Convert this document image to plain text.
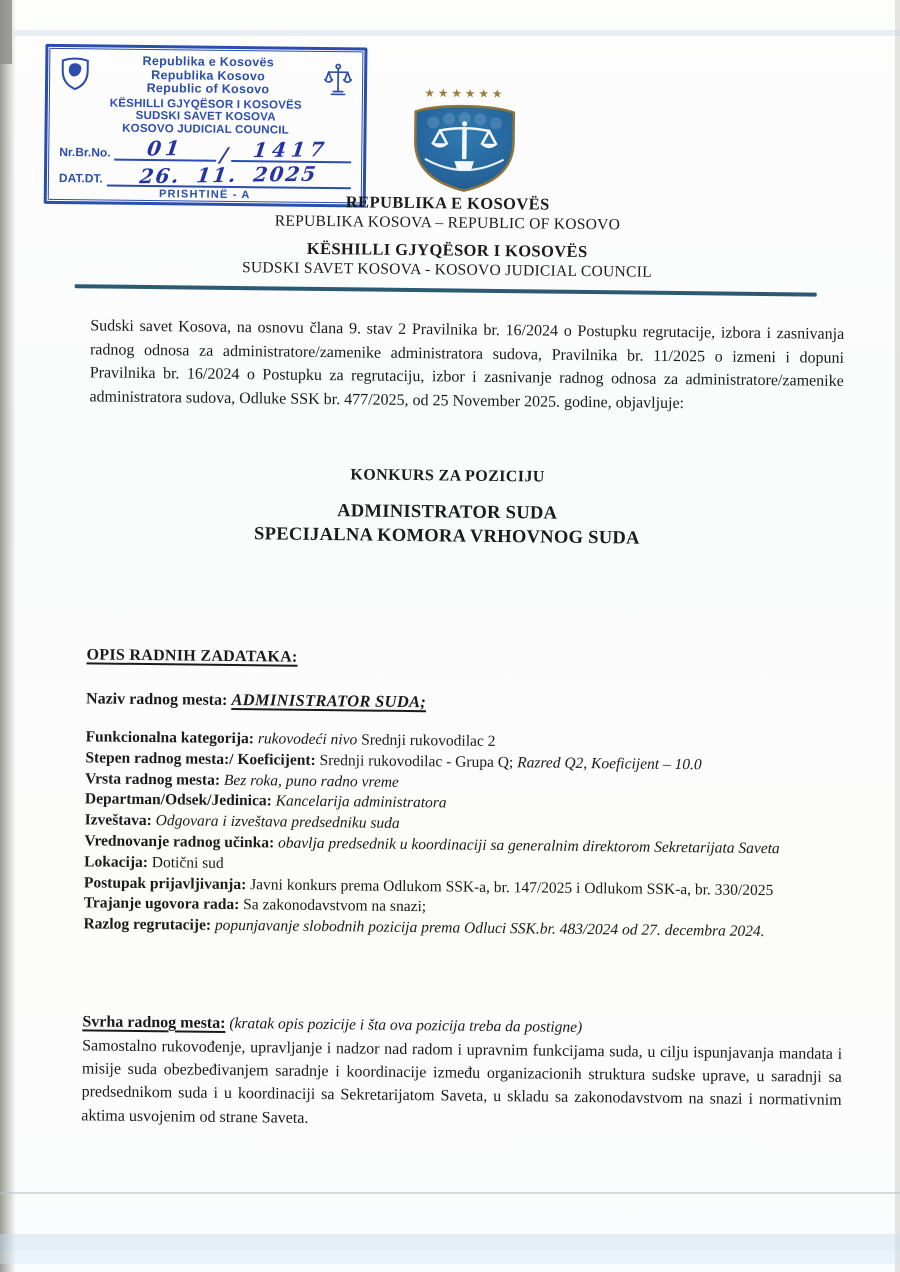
Republika e Kosovës
Republika Kosovo
Republic of Kosovo
KËSHILLI GJYQËSOR I KOSOVËS
SUDSKI SAVET KOSOVA
KOSOVO JUDICIAL COUNCIL
Nr.Br.No.	01	/	1417
DAT.DT.	26. 11. 2025
PRISHTINË - A
★★★★★★
REPUBLIKA E KOSOVËS
REPUBLIKA KOSOVA – REPUBLIC OF KOSOVO
KËSHILLI GJYQËSOR I KOSOVËS
SUDSKI SAVET KOSOVA - KOSOVO JUDICIAL COUNCIL

Sudski savet Kosova, na osnovu člana 9. stav 2 Pravilnika br. 16/2024 o Postupku regrutacije, izbora i zasnivanja radnog odnosa za administratore/zamenike administratora sudova, Pravilnika br. 11/2025 o izmeni i dopuni Pravilnika br. 16/2024 o Postupku za regrutaciju, izbor i zasnivanje radnog odnosa za administratore/zamenike administratora sudova, Odluke SSK br. 477/2025, od 25 November 2025. godine, objavljuje:

KONKURS ZA POZICIJU
ADMINISTRATOR SUDA
SPECIJALNA KOMORA VRHOVNOG SUDA
OPIS RADNIH ZADATAKA:
Naziv radnog mesta: ADMINISTRATOR SUDA;

Funkcionalna kategorija: rukovodeći nivo Srednji rukovodilac 2

Stepen radnog mesta:/ Koeficijent: Srednji rukovodilac - Grupa Q; Razred Q2, Koeficijent – 10.0

Vrsta radnog mesta: Bez roka, puno radno vreme

Departman/Odsek/Jedinica: Kancelarija administratora

Izveštava: Odgovara i izveštava predsedniku suda

Vrednovanje radnog učinka: obavlja predsednik u koordinaciji sa generalnim direktorom Sekretarijata Saveta

Lokacija: Dotični sud

Postupak prijavljivanja: Javni konkurs prema Odlukom SSK-a, br. 147/2025 i Odlukom SSK-a, br. 330/2025

Trajanje ugovora rada: Sa zakonodavstvom na snazi;

Razlog regrutacije: popunjavanje slobodnih pozicija prema Odluci SSK.br. 483/2024 od 27. decembra 2024.

Svrha radnog mesta: (kratak opis pozicije i šta ova pozicija treba da postigne)

Samostalno rukovođenje, upravljanje i nadzor nad radom i upravnim funkcijama suda, u cilju ispunjavanja mandata i misije suda obezbeđivanjem saradnje i koordinacije između organizacionih struktura sudske uprave, u saradnji sa predsednikom suda i u koordinaciji sa Sekretarijatom Saveta, u skladu sa zakonodavstvom na snazi i normativnim aktima usvojenim od strane Saveta.
